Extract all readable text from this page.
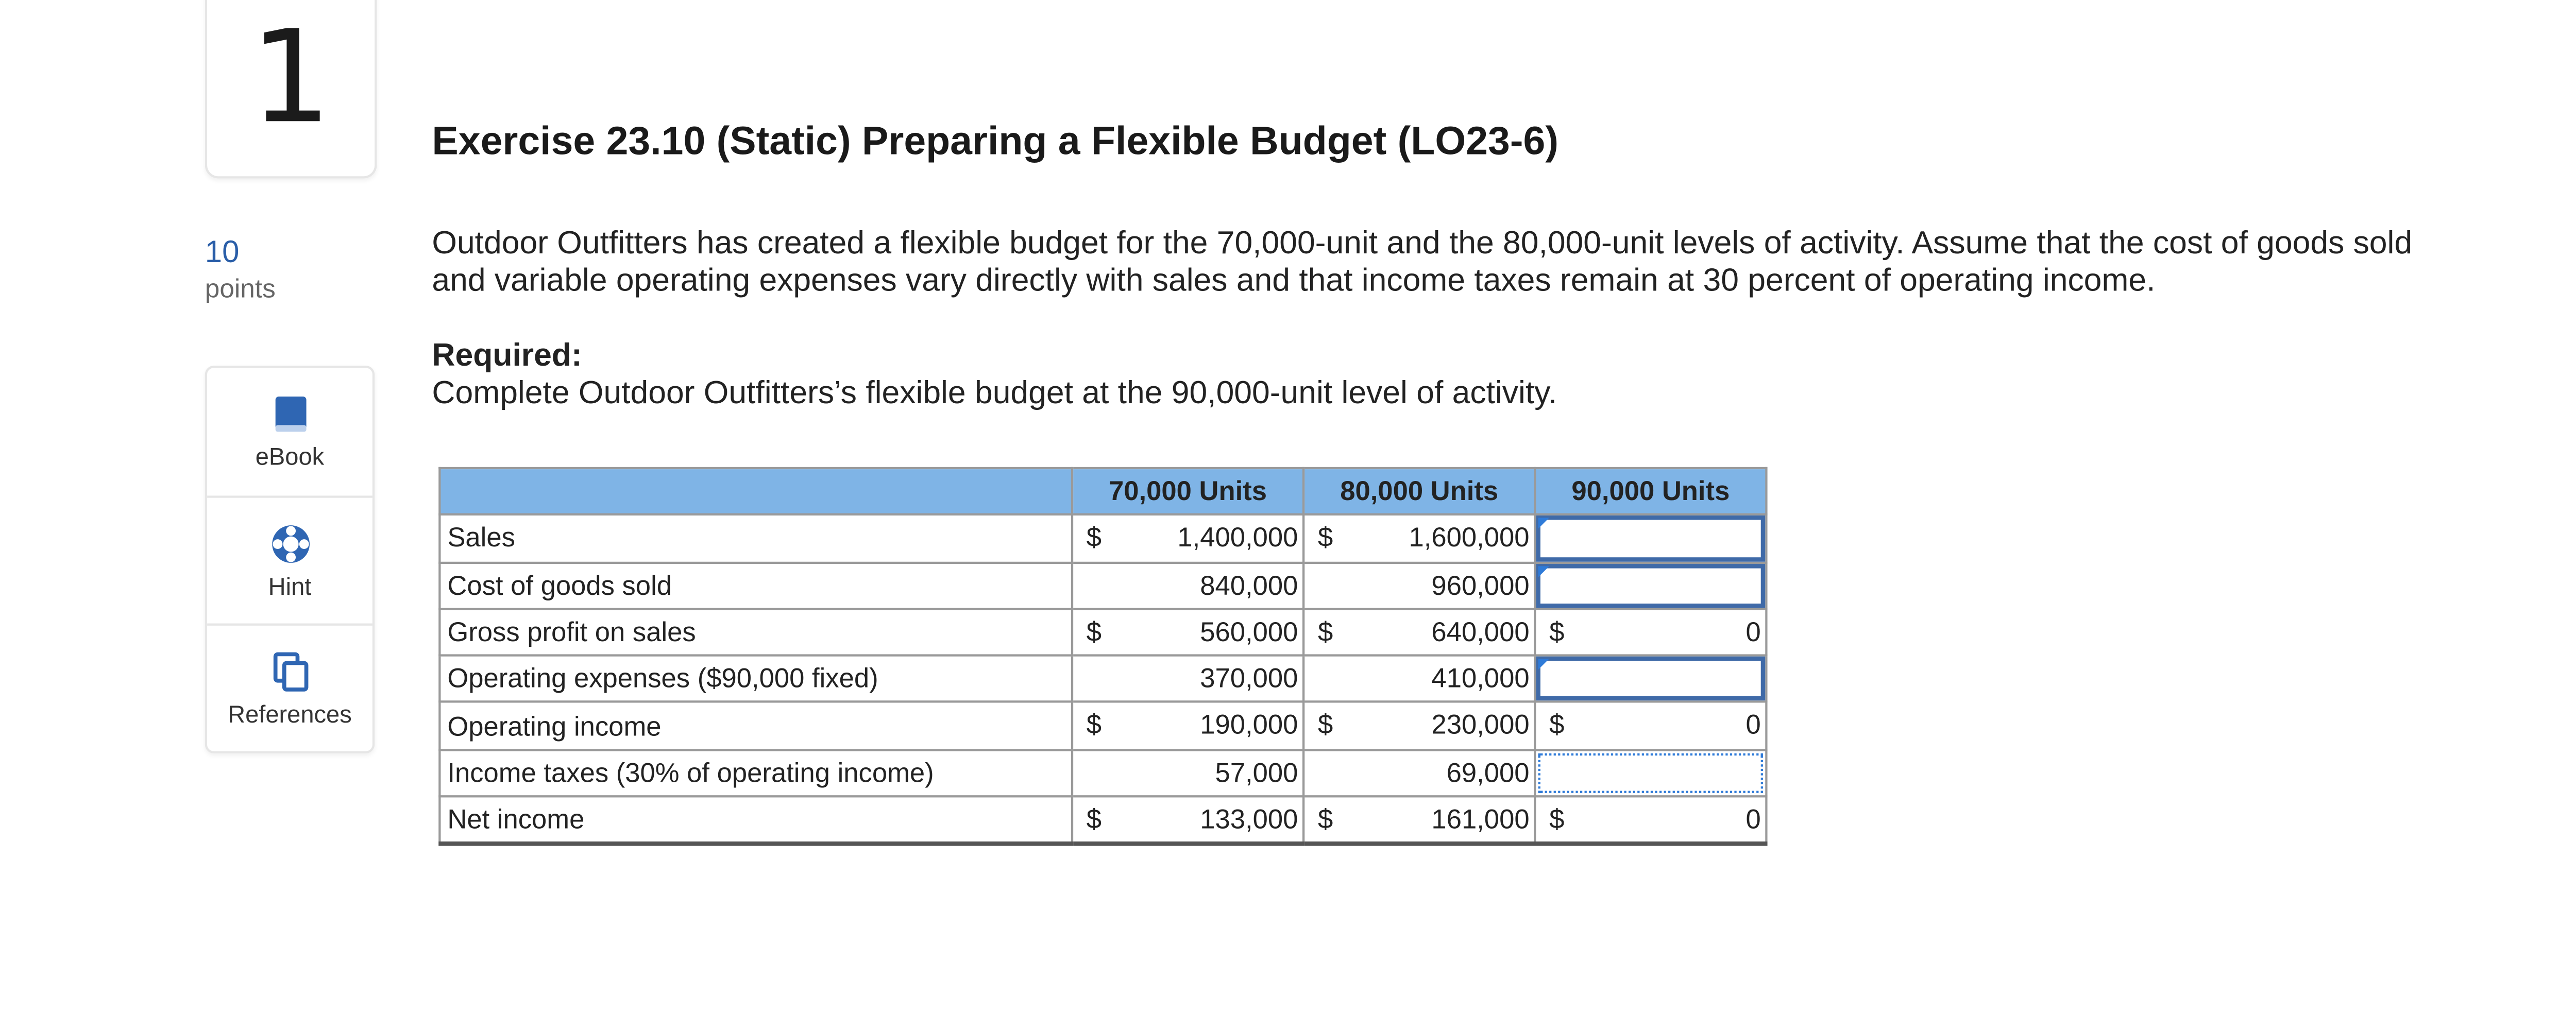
1
10
points
eBook
Hint
References
Exercise 23.10 (Static) Preparing a Flexible Budget (LO23-6)
Outdoor Outfitters has created a flexible budget for the 70,000-unit and the 80,000-unit levels of activity. Assume that the cost of goods sold and variable operating expenses vary directly with sales and that income taxes remain at 30 percent of operating income.
Required:
Complete Outdoor Outfitters’s flexible budget at the 90,000-unit level of activity.
	70,000 Units	80,000 Units	90,000 Units
Sales	$ 1,400,000	$ 1,600,000	

Cost of goods sold	840,000	960,000	

Gross profit on sales	$ 560,000	$ 640,000	$ 0

Operating expenses ($90,000 fixed)	370,000	410,000	

Operating income	$ 190,000	$ 230,000	$ 0

Income taxes (30% of operating income)	57,000	69,000	

Net income	$ 133,000	$ 161,000	$ 0
